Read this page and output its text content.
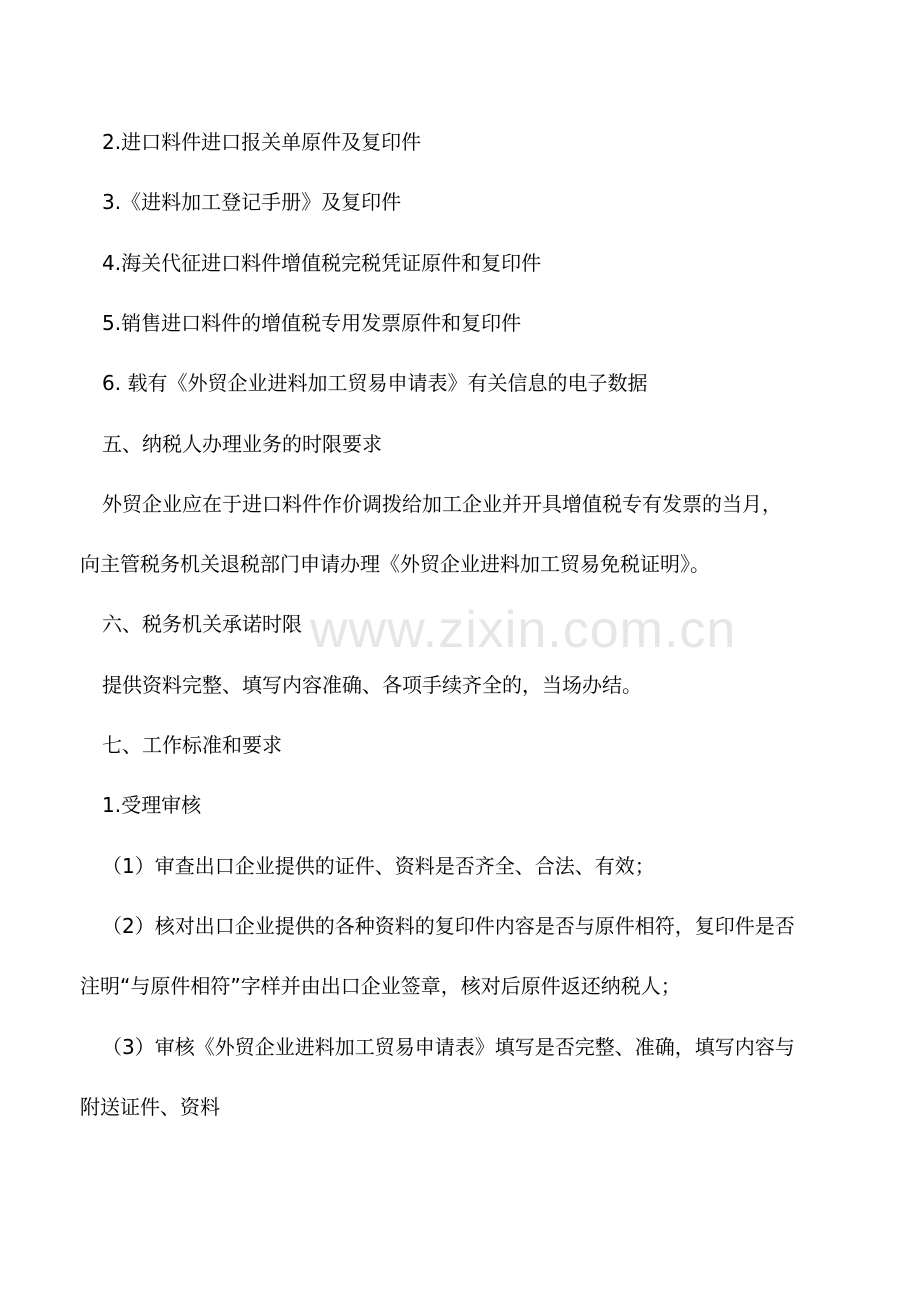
www.zixin.com.cn
2.进口料件进口报关单原件及复印件
3.《进料加工登记手册》及复印件
4.海关代征进口料件增值税完税凭证原件和复印件
5.销售进口料件的增值税专用发票原件和复印件
6. 载有《外贸企业进料加工贸易申请表》有关信息的电子数据
五、纳税人办理业务的时限要求
外贸企业应在于进口料件作价调拨给加工企业并开具增值税专有发票的当月，
向主管税务机关退税部门申请办理《外贸企业进料加工贸易免税证明》。
六、税务机关承诺时限
提供资料完整、填写内容准确、各项手续齐全的，当场办结。
七、工作标准和要求
1.受理审核
（1）审查出口企业提供的证件、资料是否齐全、合法、有效；
（2）核对出口企业提供的各种资料的复印件内容是否与原件相符，复印件是否
注明“与原件相符”字样并由出口企业签章，核对后原件返还纳税人；
（3）审核《外贸企业进料加工贸易申请表》填写是否完整、准确，填写内容与
附送证件、资料
